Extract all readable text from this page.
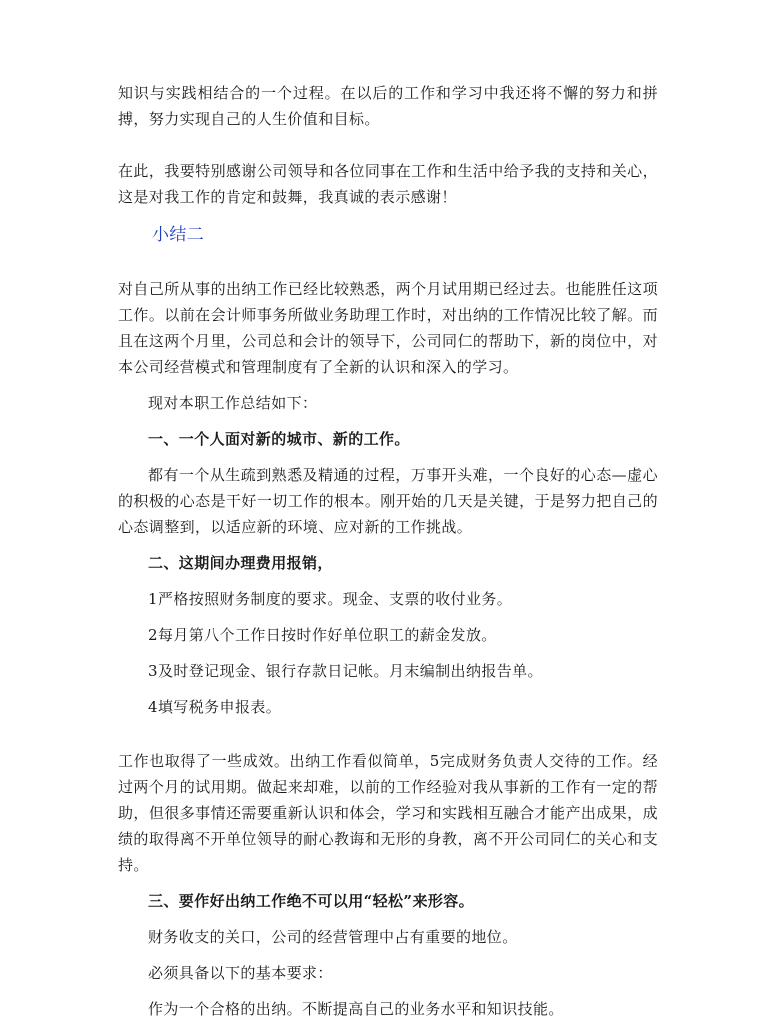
知识与实践相结合的一个过程。在以后的工作和学习中我还将不懈的努力和拼搏，努力实现自己的人生价值和目标。

在此，我要特别感谢公司领导和各位同事在工作和生活中给予我的支持和关心，这是对我工作的肯定和鼓舞，我真诚的表示感谢！

小结二

对自己所从事的出纳工作已经比较熟悉，两个月试用期已经过去。也能胜任这项工作。以前在会计师事务所做业务助理工作时，对出纳的工作情况比较了解。而且在这两个月里，公司总和会计的领导下，公司同仁的帮助下，新的岗位中，对本公司经营模式和管理制度有了全新的认识和深入的学习。

现对本职工作总结如下：

一、一个人面对新的城市、新的工作。

都有一个从生疏到熟悉及精通的过程，万事开头难，一个良好的心态—虚心的积极的心态是干好一切工作的根本。刚开始的几天是关键，于是努力把自己的心态调整到，以适应新的环境、应对新的工作挑战。

二、这期间办理费用报销，

1严格按照财务制度的要求。现金、支票的收付业务。

2每月第八个工作日按时作好单位职工的薪金发放。

3及时登记现金、银行存款日记帐。月末编制出纳报告单。

4填写税务申报表。

工作也取得了一些成效。出纳工作看似简单，5完成财务负责人交待的工作。经过两个月的试用期。做起来却难，以前的工作经验对我从事新的工作有一定的帮助，但很多事情还需要重新认识和体会，学习和实践相互融合才能产出成果，成绩的取得离不开单位领导的耐心教诲和无形的身教，离不开公司同仁的关心和支持。

三、要作好出纳工作绝不可以用“轻松”来形容。

财务收支的关口，公司的经营管理中占有重要的地位。

必须具备以下的基本要求：

作为一个合格的出纳。不断提高自己的业务水平和知识技能。
